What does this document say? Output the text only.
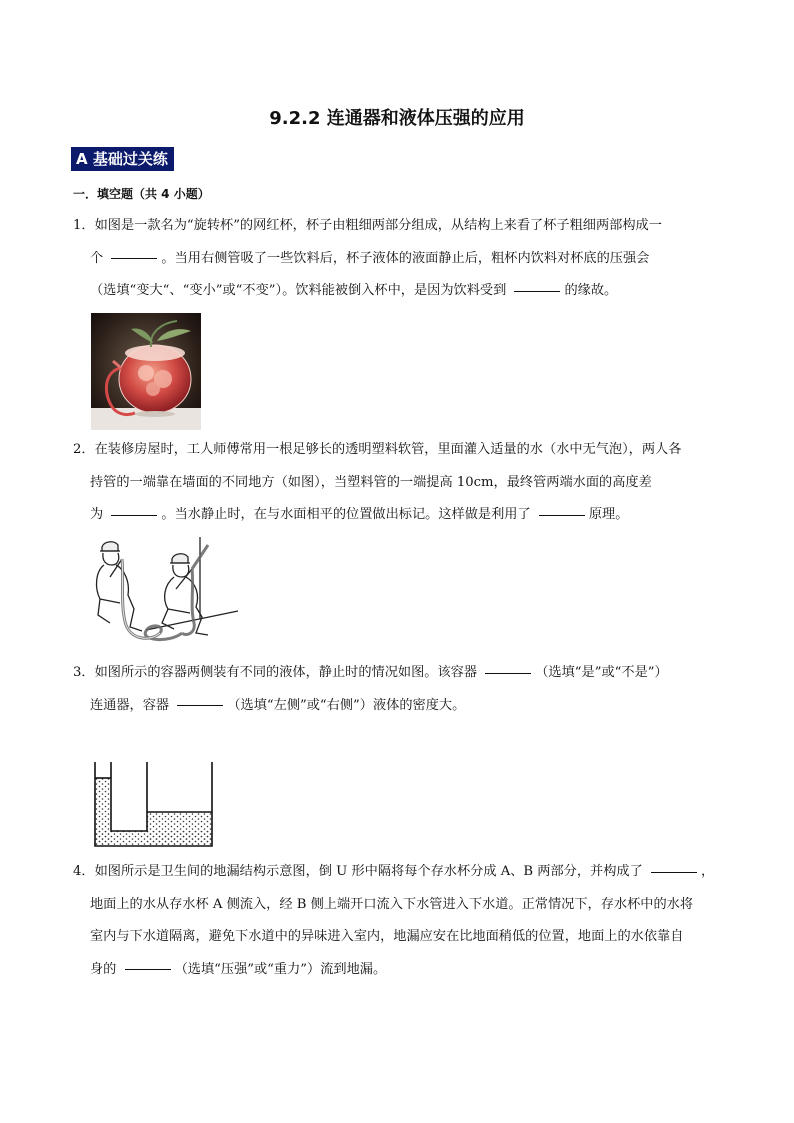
9.2.2 连通器和液体压强的应用
A 基础过关练
一．填空题（共 4 小题）
1．如图是一款名为“旋转杯”的网红杯，杯子由粗细两部分组成，从结构上来看了杯子粗细两部构成一
个	。当用右侧管吸了一些饮料后，杯子液体的液面静止后，粗杯内饮料对杯底的压强会
（选填“变大“、“变小”或“不变”）。饮料能被倒入杯中，是因为饮料受到	的缘故。
2．在装修房屋时，工人师傅常用一根足够长的透明塑料软管，里面灌入适量的水（水中无气泡），两人各
持管的一端靠在墙面的不同地方（如图），当塑料管的一端提高 10cm，最终管两端水面的高度差
为	。当水静止时，在与水面相平的位置做出标记。这样做是利用了	原理。
3．如图所示的容器两侧装有不同的液体，静止时的情况如图。该容器	（选填“是”或“不是”）
连通器，容器	（选填“左侧”或“右侧”）液体的密度大。
4．如图所示是卫生间的地漏结构示意图，倒 U 形中隔将每个存水杯分成 A、B 两部分，并构成了	，
地面上的水从存水杯 A 侧流入，经 B 侧上端开口流入下水管进入下水道。正常情况下，存水杯中的水将
室内与下水道隔离，避免下水道中的异味进入室内，地漏应安在比地面稍低的位置，地面上的水依靠自
身的	（选填“压强”或“重力”）流到地漏。
